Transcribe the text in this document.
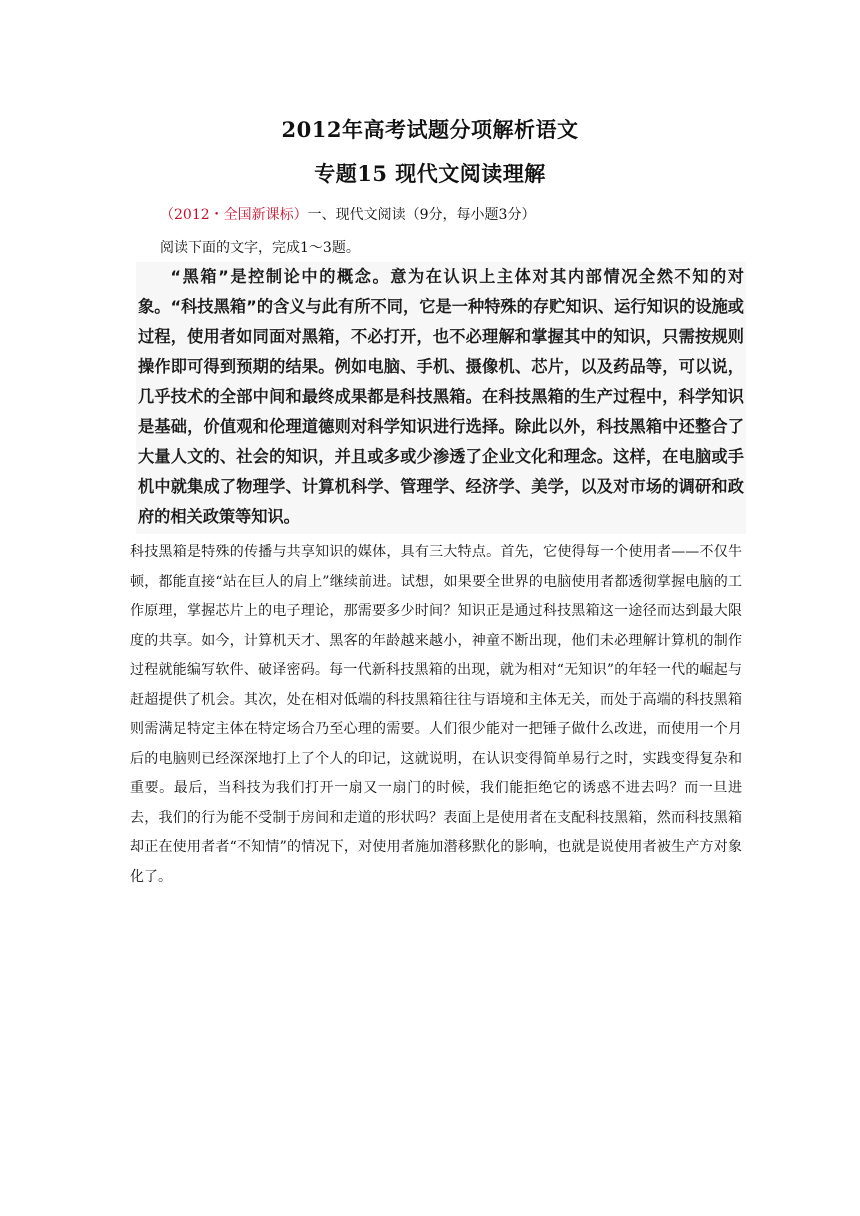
2012年高考试题分项解析语文
专题15 现代文阅读理解

（2012・全国新课标）一、现代文阅读（9分，每小题3分）

阅读下面的文字，完成1～3题。

“黑箱”是控制论中的概念。意为在认识上主体对其内部情况全然不知的对象。“科技黑箱”的含义与此有所不同，它是一种特殊的存贮知识、运行知识的设施或过程，使用者如同面对黑箱，不必打开，也不必理解和掌握其中的知识，只需按规则操作即可得到预期的结果。例如电脑、手机、摄像机、芯片，以及药品等，可以说，几乎技术的全部中间和最终成果都是科技黑箱。在科技黑箱的生产过程中，科学知识是基础，价值观和伦理道德则对科学知识进行选择。除此以外，科技黑箱中还整合了大量人文的、社会的知识，并且或多或少渗透了企业文化和理念。这样，在电脑或手机中就集成了物理学、计算机科学、管理学、经济学、美学，以及对市场的调研和政府的相关政策等知识。

科技黑箱是特殊的传播与共享知识的媒体，具有三大特点。首先，它使得每一个使用者——不仅牛顿，都能直接“站在巨人的肩上”继续前进。试想，如果要全世界的电脑使用者都透彻掌握电脑的工作原理，掌握芯片上的电子理论，那需要多少时间？知识正是通过科技黑箱这一途径而达到最大限度的共享。如今，计算机天才、黑客的年龄越来越小，神童不断出现，他们未必理解计算机的制作过程就能编写软件、破译密码。每一代新科技黑箱的出现，就为相对“无知识”的年轻一代的崛起与赶超提供了机会。其次，处在相对低端的科技黑箱往往与语境和主体无关，而处于高端的科技黑箱则需满足特定主体在特定场合乃至心理的需要。人们很少能对一把锤子做什么改进，而使用一个月后的电脑则已经深深地打上了个人的印记，这就说明，在认识变得简单易行之时，实践变得复杂和重要。最后，当科技为我们打开一扇又一扇门的时候，我们能拒绝它的诱惑不进去吗？而一旦进去，我们的行为能不受制于房间和走道的形状吗？表面上是使用者在支配科技黑箱，然而科技黑箱却正在使用者者“不知情”的情况下，对使用者施加潜移默化的影响，也就是说使用者被生产方对象化了。
